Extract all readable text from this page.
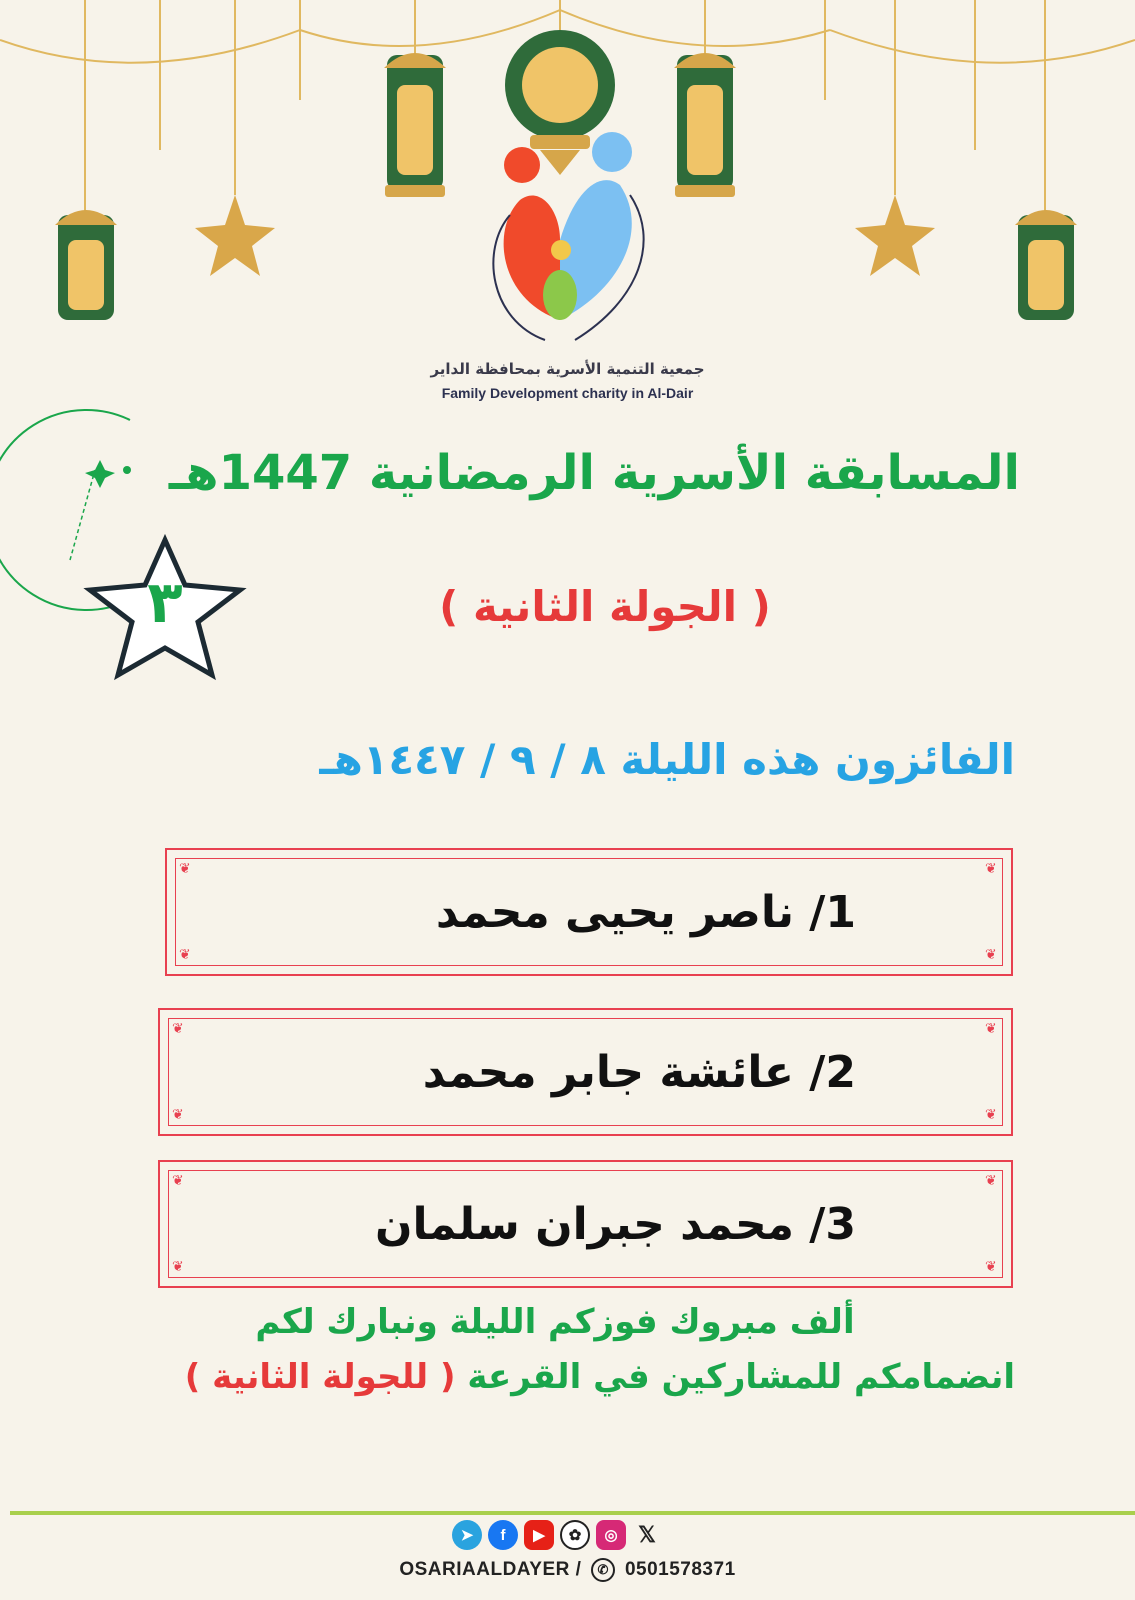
٣
جمعية التنمية الأسرية بمحافظة الداير
Family Development charity in Al-Dair
المسابقة الأسرية الرمضانية 1447هـ
( الجولة الثانية )
الفائزون هذه الليلة ٨ / ٩ / ١٤٤٧هـ
❦	❦
❦	❦
1/ ناصر يحيى محمد
❦	❦
❦	❦
2/ عائشة جابر محمد
❦	❦
❦	❦
3/ محمد جبران سلمان
ألف مبروك فوزكم الليلة ونبارك لكم
انضمامكم للمشاركين في القرعة ( للجولة الثانية )
➤	f	▶	✿	◎ 𝕏
OSARIAALDAYER / ✆ 0501578371
